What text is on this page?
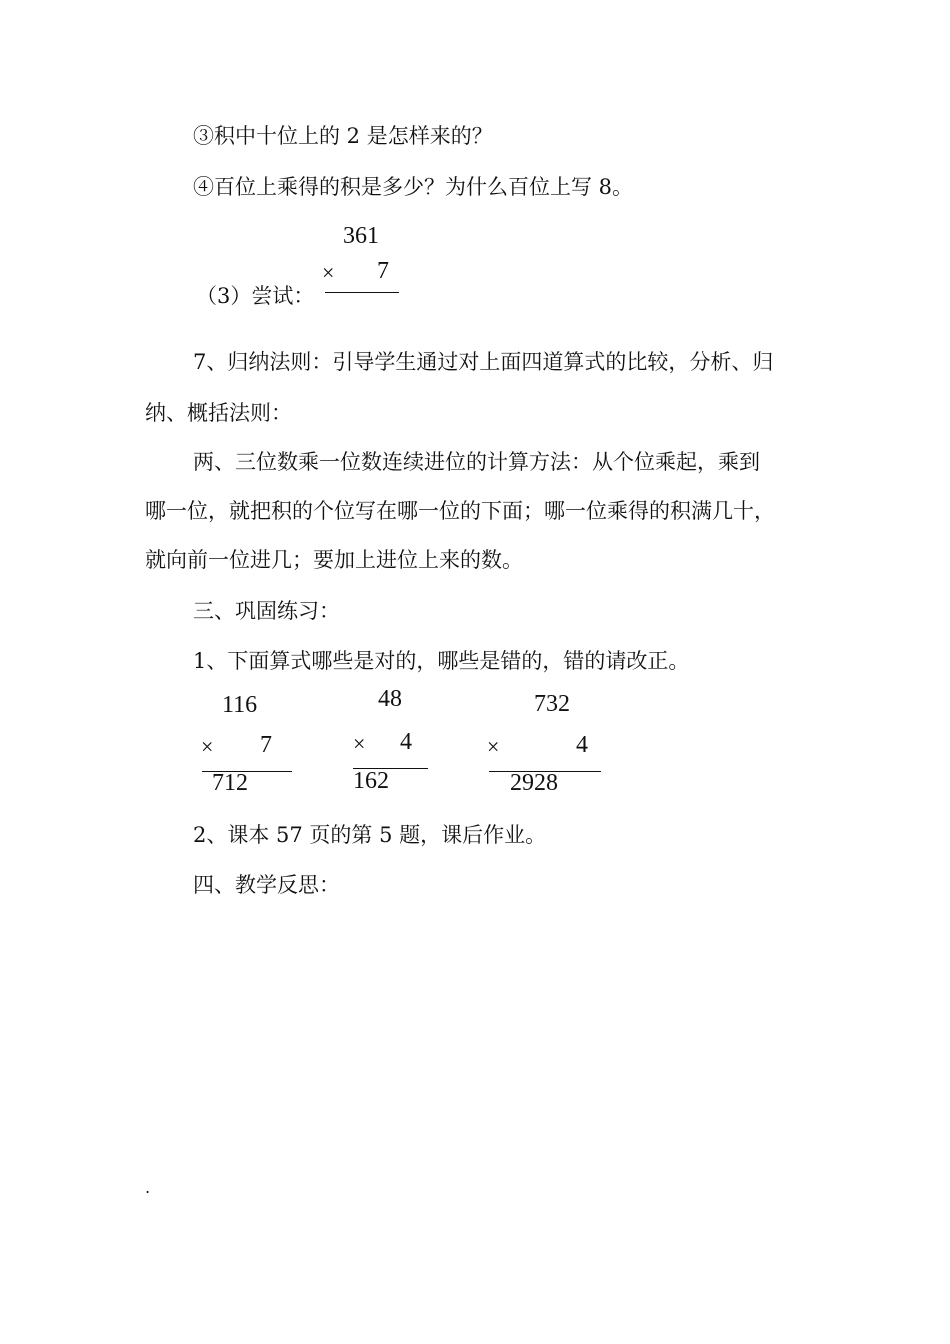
③积中十位上的 2 是怎样来的？
④百位上乘得的积是多少？为什么百位上写 8。
361
× 7
（3）尝试：
7、归纳法则：引导学生通过对上面四道算式的比较，分析、归
纳、概括法则：
两、三位数乘一位数连续进位的计算方法：从个位乘起，乘到
哪一位，就把积的个位写在哪一位的下面；哪一位乘得的积满几十，
就向前一位进几；要加上进位上来的数。
三、巩固练习：
1、下面算式哪些是对的，哪些是错的，错的请改正。
116
× 7
712
48
× 4
162
732
×	4
2928
2、课本 57 页的第 5 题，课后作业。
四、教学反思：
.
